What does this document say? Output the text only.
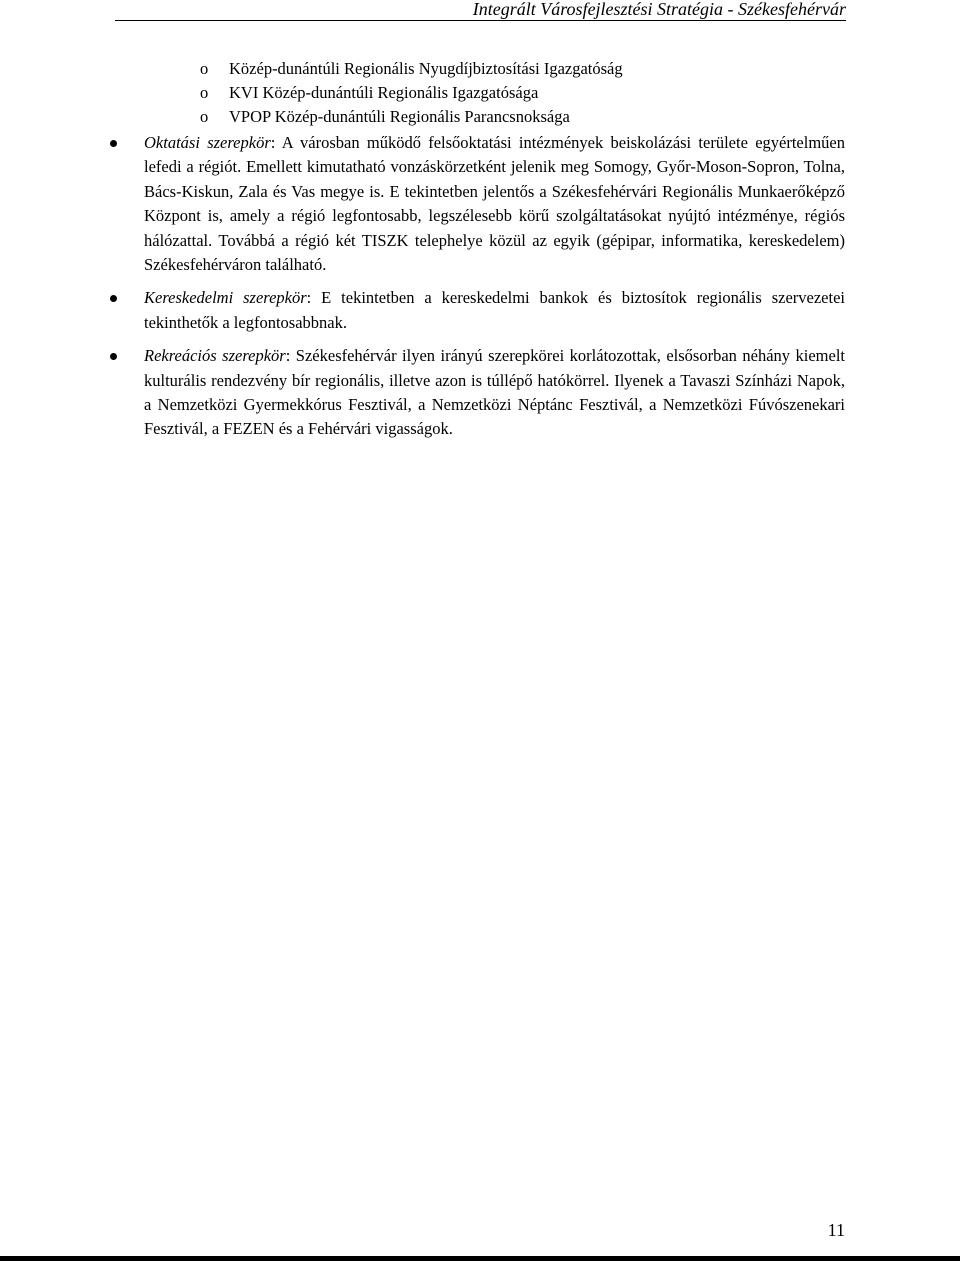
Integrált Városfejlesztési Stratégia - Székesfehérvár
o Közép-dunántúli Regionális Nyugdíjbiztosítási Igazgatóság
o KVI Közép-dunántúli Regionális Igazgatósága
o VPOP Közép-dunántúli Regionális Parancsnoksága
Oktatási szerepkör: A városban működő felsőoktatási intézmények beiskolázási területe egyértelműen lefedi a régiót. Emellett kimutatható vonzáskörzetként jelenik meg Somogy, Győr-Moson-Sopron, Tolna, Bács-Kiskun, Zala és Vas megye is. E tekintetben jelentős a Székesfehérvári Regionális Munkaerőképző Központ is, amely a régió legfontosabb, legszélesebb körű szolgáltatásokat nyújtó intézménye, régiós hálózattal. Továbbá a régió két TISZK telephelye közül az egyik (gépipar, informatika, kereskedelem) Székesfehérváron található.
Kereskedelmi szerepkör: E tekintetben a kereskedelmi bankok és biztosítok regionális szervezetei tekinthetők a legfontosabbnak.
Rekreációs szerepkör: Székesfehérvár ilyen irányú szerepkörei korlátozottak, elsősorban néhány kiemelt kulturális rendezvény bír regionális, illetve azon is túllépő hatókörrel. Ilyenek a Tavaszi Színházi Napok, a Nemzetközi Gyermekkórus Fesztivál, a Nemzetközi Néptánc Fesztivál, a Nemzetközi Fúvószenekari Fesztivál, a FEZEN és a Fehérvári vigasságok.
11
